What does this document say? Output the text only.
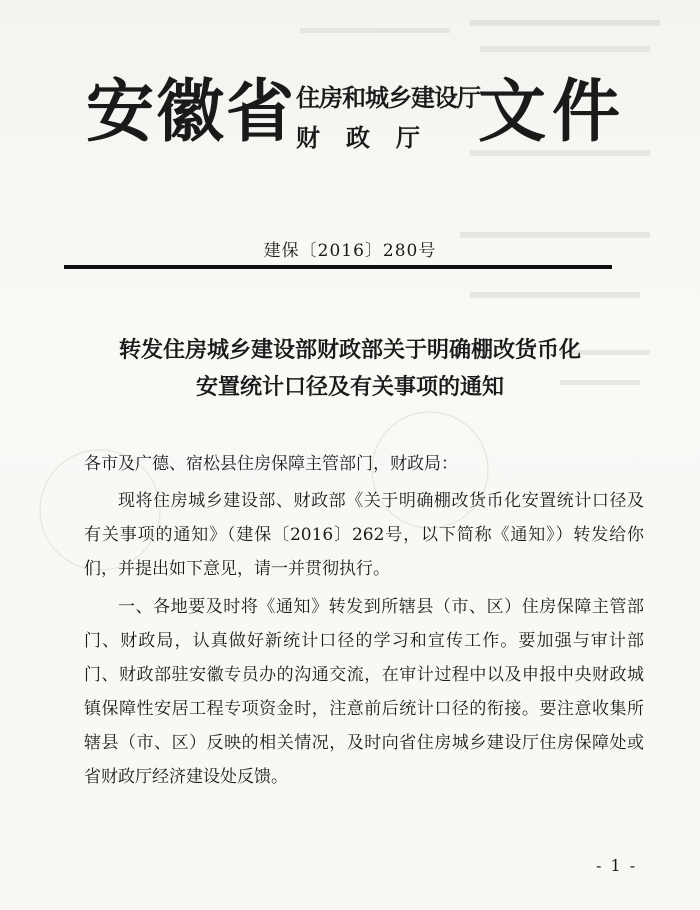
安徽省 住房和城乡建设厅
财政厅 文件
建保〔2016〕280号
转发住房城乡建设部财政部关于明确棚改货币化
安置统计口径及有关事项的通知
各市及广德、宿松县住房保障主管部门，财政局：
现将住房城乡建设部、财政部《关于明确棚改货币化安置统计口径及有关事项的通知》（建保〔2016〕262号，以下简称《通知》）转发给你们，并提出如下意见，请一并贯彻执行。
一、各地要及时将《通知》转发到所辖县（市、区）住房保障主管部门、财政局，认真做好新统计口径的学习和宣传工作。要加强与审计部门、财政部驻安徽专员办的沟通交流，在审计过程中以及申报中央财政城镇保障性安居工程专项资金时，注意前后统计口径的衔接。要注意收集所辖县（市、区）反映的相关情况，及时向省住房城乡建设厅住房保障处或省财政厅经济建设处反馈。
- 1 -
